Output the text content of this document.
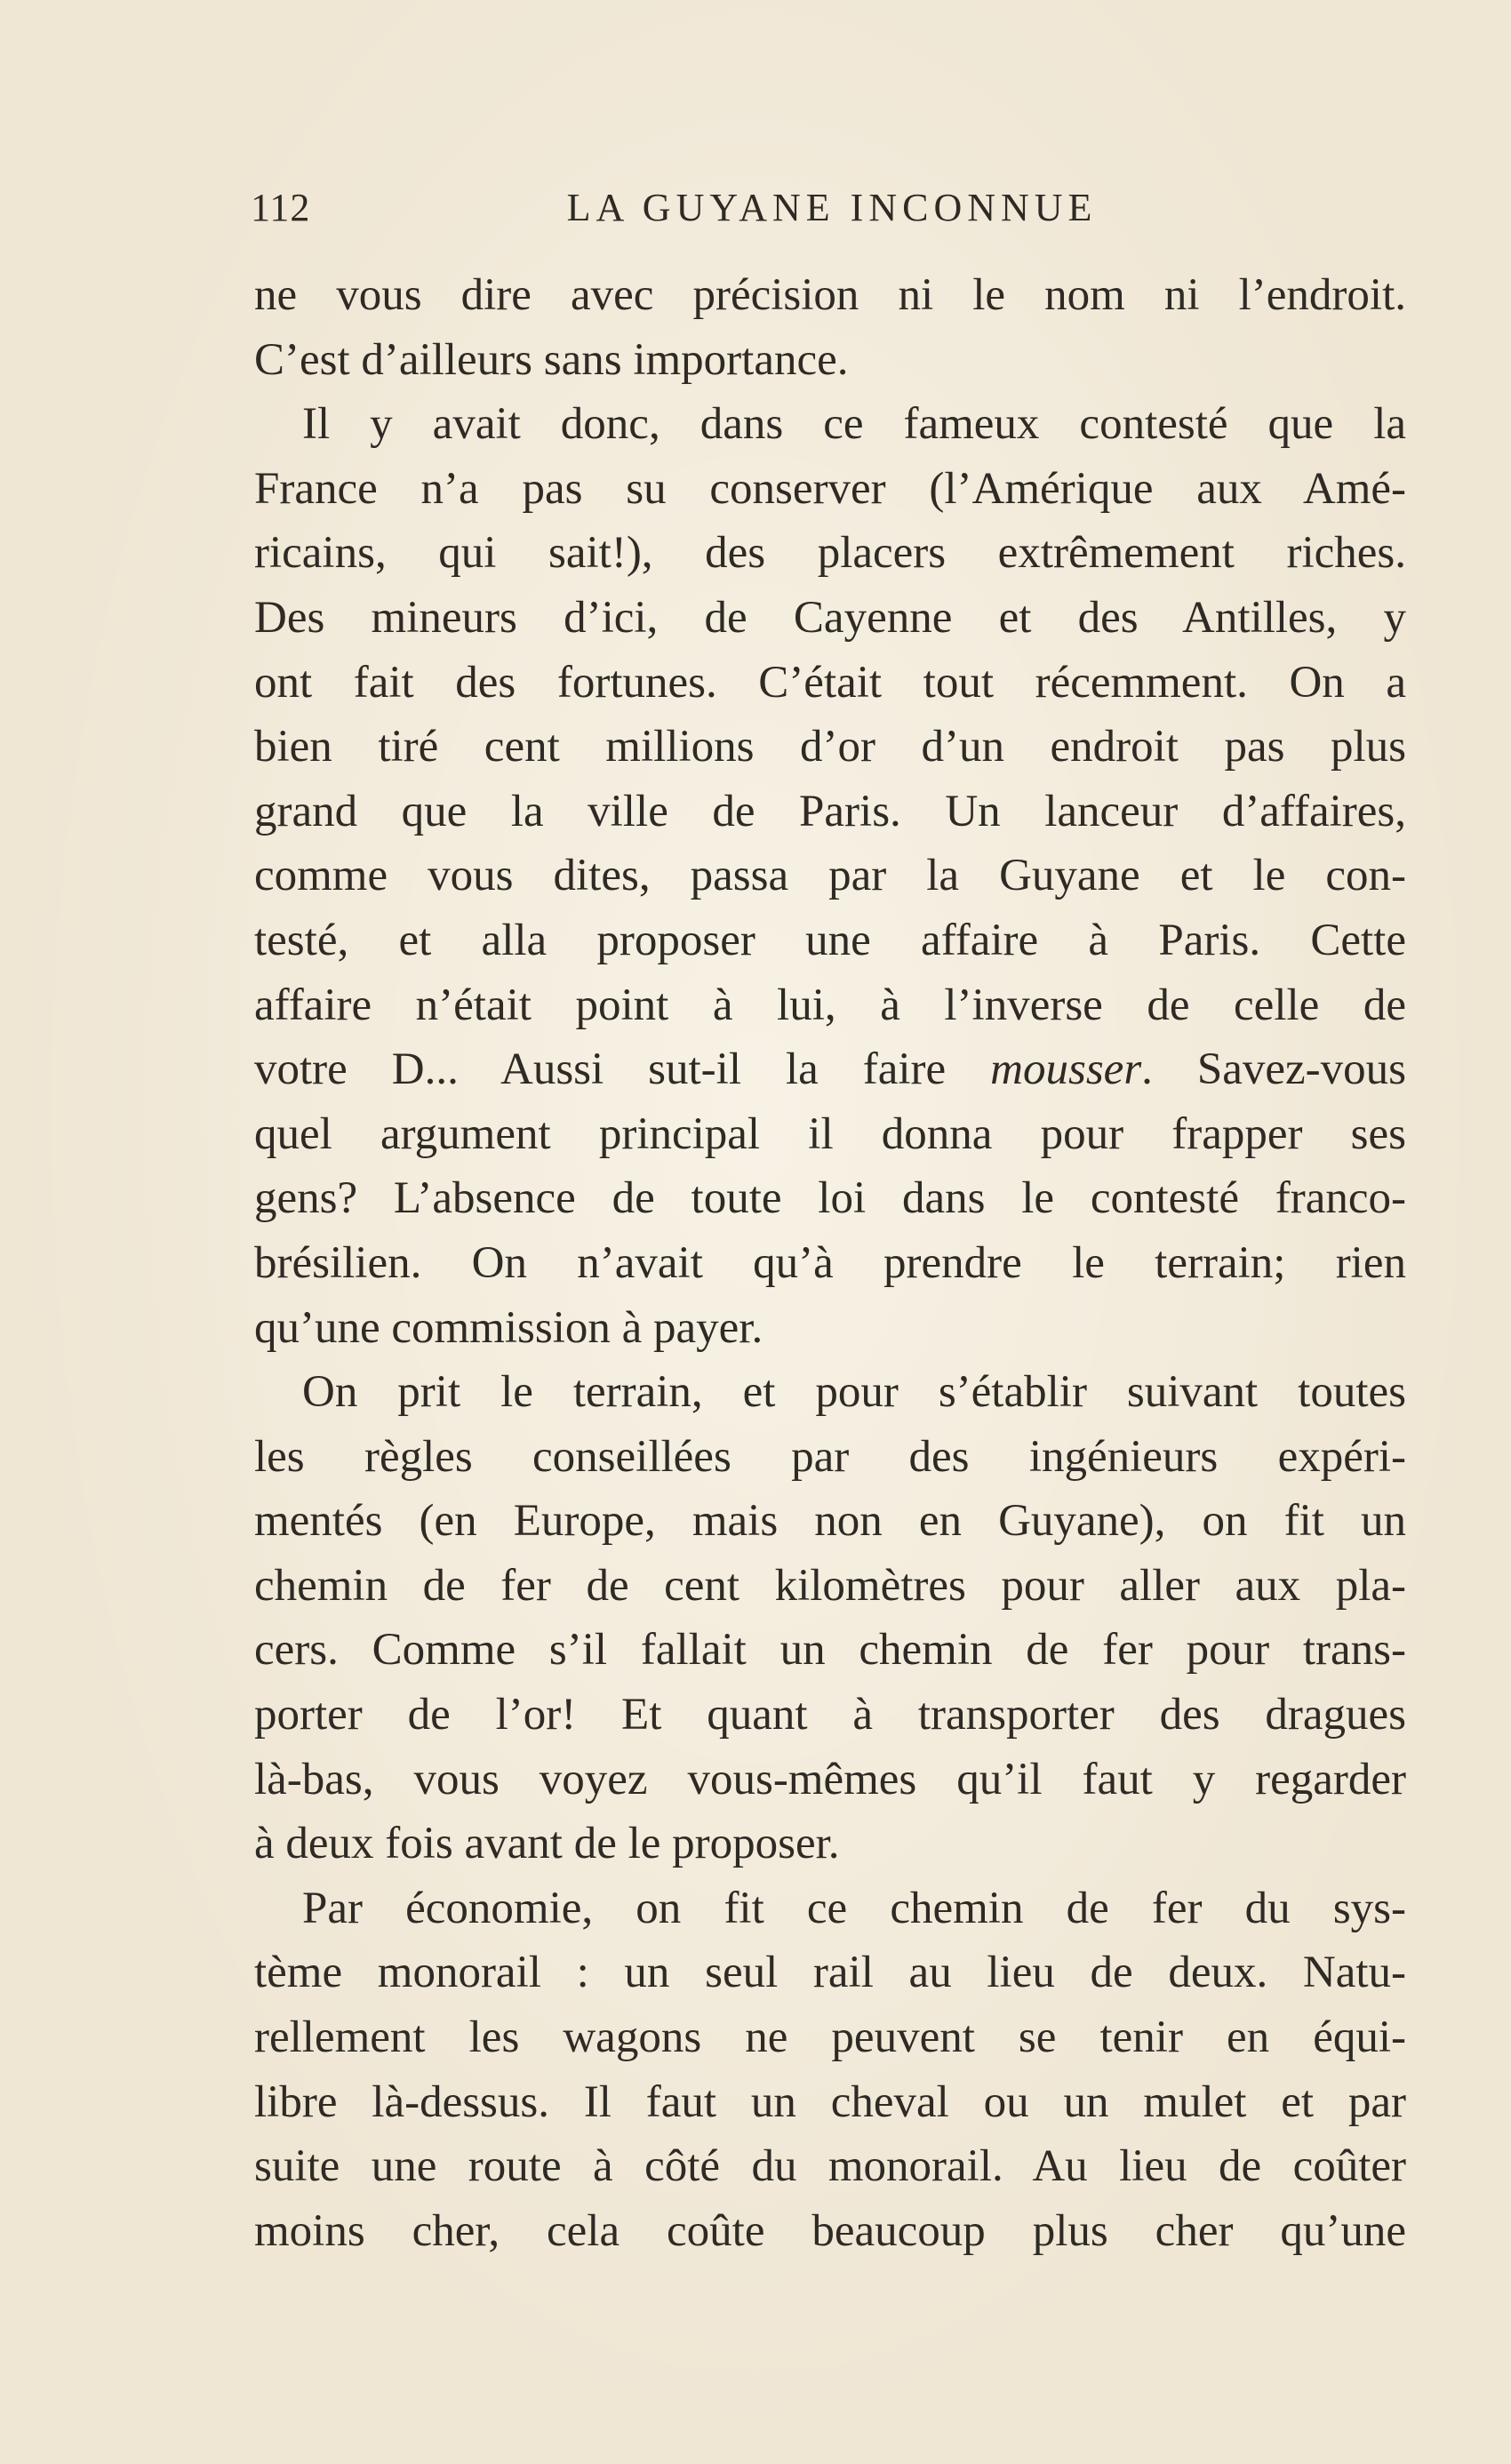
112	LA GUYANE INCONNUE
ne vous dire avec précision ni le nom ni l’endroit.
C’est d’ailleurs sans importance.
Il y avait donc, dans ce fameux contesté que la
France n’a pas su conserver (l’Amérique aux Amé-
ricains, qui sait!), des placers extrêmement riches.
Des mineurs d’ici, de Cayenne et des Antilles, y
ont fait des fortunes. C’était tout récemment. On a
bien tiré cent millions d’or d’un endroit pas plus
grand que la ville de Paris. Un lanceur d’affaires,
comme vous dites, passa par la Guyane et le con-
testé, et alla proposer une affaire à Paris. Cette
affaire n’était point à lui, à l’inverse de celle de
votre D... Aussi sut-il la faire mousser. Savez-vous
quel argument principal il donna pour frapper ses
gens? L’absence de toute loi dans le contesté franco-
brésilien. On n’avait qu’à prendre le terrain; rien
qu’une commission à payer.
On prit le terrain, et pour s’établir suivant toutes
les règles conseillées par des ingénieurs expéri-
mentés (en Europe, mais non en Guyane), on fit un
chemin de fer de cent kilomètres pour aller aux pla-
cers. Comme s’il fallait un chemin de fer pour trans-
porter de l’or! Et quant à transporter des dragues
là-bas, vous voyez vous-mêmes qu’il faut y regarder
à deux fois avant de le proposer.
Par économie, on fit ce chemin de fer du sys-
tème monorail : un seul rail au lieu de deux. Natu-
rellement les wagons ne peuvent se tenir en équi-
libre là-dessus. Il faut un cheval ou un mulet et par
suite une route à côté du monorail. Au lieu de coûter
moins cher, cela coûte beaucoup plus cher qu’une
